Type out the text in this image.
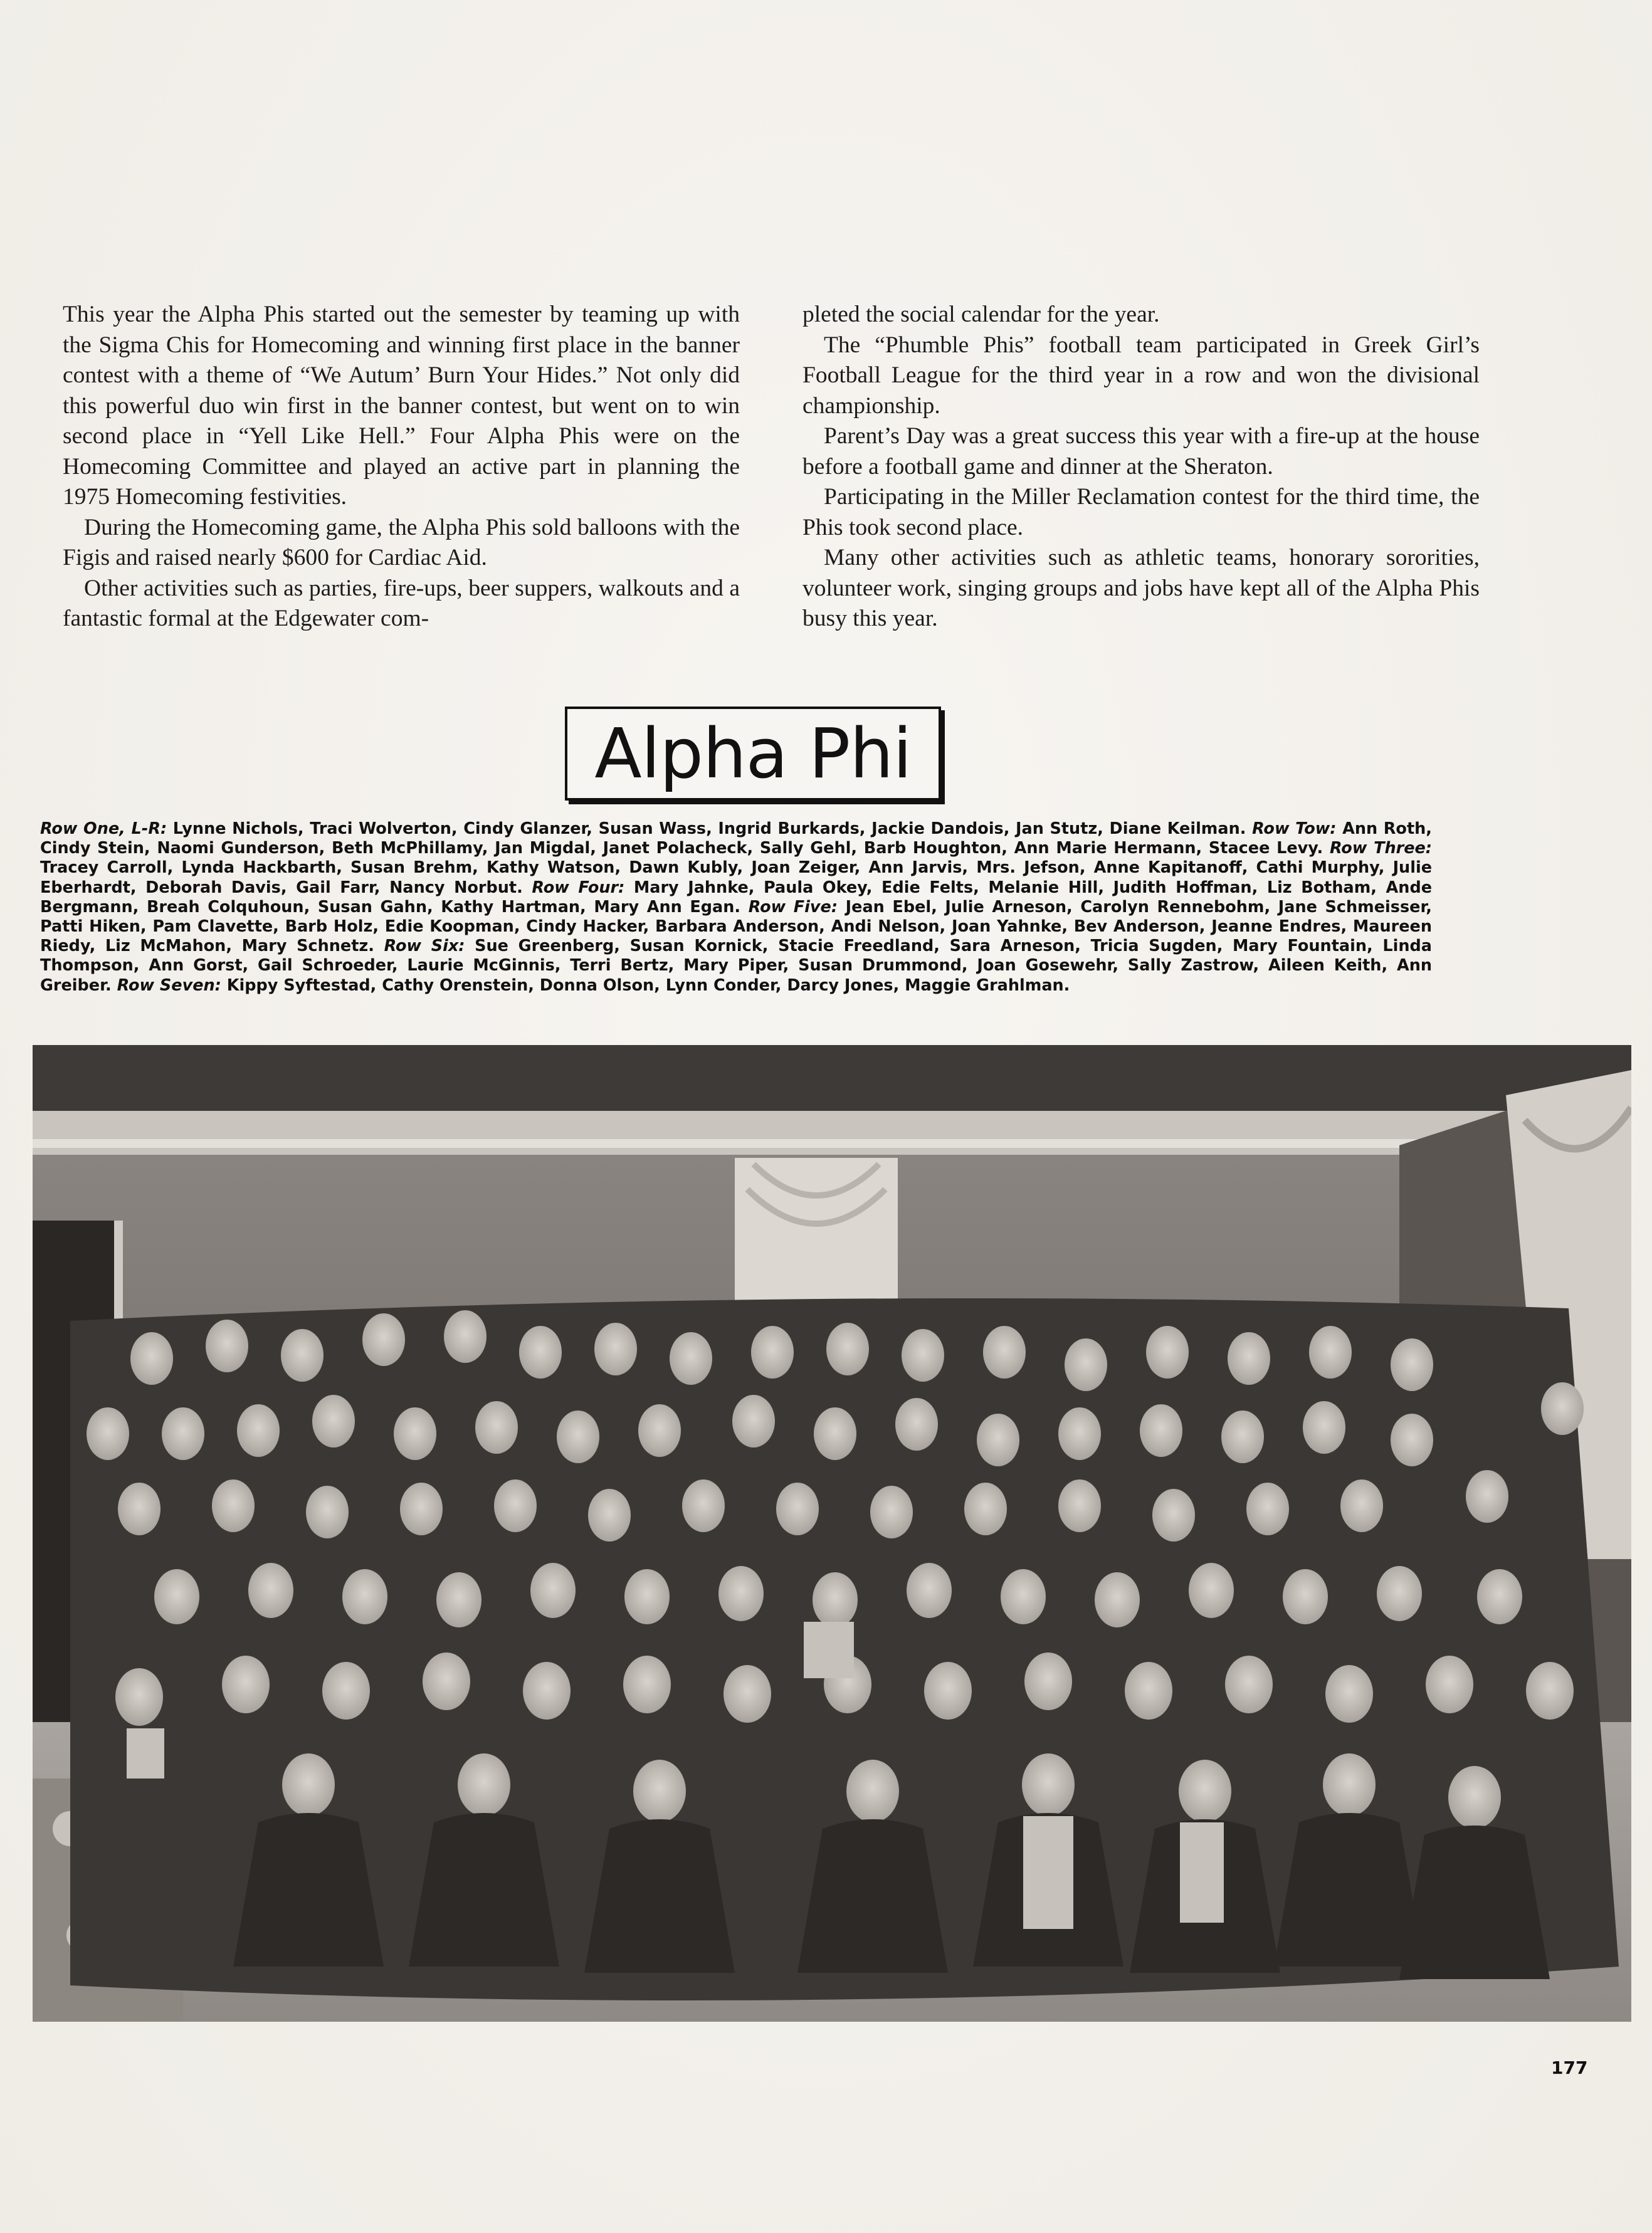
This year the Alpha Phis started out the semester by teaming up with the Sigma Chis for Homecoming and winning first place in the banner contest with a theme of “We Autum’ Burn Your Hides.” Not only did this powerful duo win first in the banner contest, but went on to win second place in “Yell Like Hell.” Four Alpha Phis were on the Homecoming Committee and played an active part in planning the 1975 Homecoming festivities.

During the Homecoming game, the Alpha Phis sold balloons with the Figis and raised nearly $600 for Cardiac Aid.

Other activities such as parties, fire-ups, beer suppers, walkouts and a fantastic formal at the Edgewater com-

pleted the social calendar for the year.

The “Phumble Phis” football team participated in Greek Girl’s Football League for the third year in a row and won the divisional championship.

Parent’s Day was a great success this year with a fire-up at the house before a football game and dinner at the Sheraton.

Participating in the Miller Reclamation contest for the third time, the Phis took second place.

Many other activities such as athletic teams, honorary sororities, volunteer work, singing groups and jobs have kept all of the Alpha Phis busy this year.

Alpha Phi
Row One, L-R: Lynne Nichols, Traci Wolverton, Cindy Glanzer, Susan Wass, Ingrid Burkards, Jackie Dandois, Jan Stutz, Diane Keilman. Row Tow: Ann Roth, Cindy Stein, Naomi Gunderson, Beth McPhillamy, Jan Migdal, Janet Polacheck, Sally Gehl, Barb Houghton, Ann Marie Hermann, Stacee Levy. Row Three: Tracey Carroll, Lynda Hackbarth, Susan Brehm, Kathy Watson, Dawn Kubly, Joan Zeiger, Ann Jarvis, Mrs. Jefson, Anne Kapitanoff, Cathi Murphy, Julie Eberhardt, Deborah Davis, Gail Farr, Nancy Norbut. Row Four: Mary Jahnke, Paula Okey, Edie Felts, Melanie Hill, Judith Hoffman, Liz Botham, Ande Bergmann, Breah Colquhoun, Susan Gahn, Kathy Hartman, Mary Ann Egan. Row Five: Jean Ebel, Julie Arneson, Carolyn Rennebohm, Jane Schmeisser, Patti Hiken, Pam Clavette, Barb Holz, Edie Koopman, Cindy Hacker, Barbara Anderson, Andi Nelson, Joan Yahnke, Bev Anderson, Jeanne Endres, Maureen Riedy, Liz McMahon, Mary Schnetz. Row Six: Sue Greenberg, Susan Kornick, Stacie Freedland, Sara Arneson, Tricia Sugden, Mary Fountain, Linda Thompson, Ann Gorst, Gail Schroeder, Laurie McGinnis, Terri Bertz, Mary Piper, Susan Drummond, Joan Gosewehr, Sally Zastrow, Aileen Keith, Ann Greiber. Row Seven: Kippy Syftestad, Cathy Orenstein, Donna Olson, Lynn Conder, Darcy Jones, Maggie Grahlman.
177
